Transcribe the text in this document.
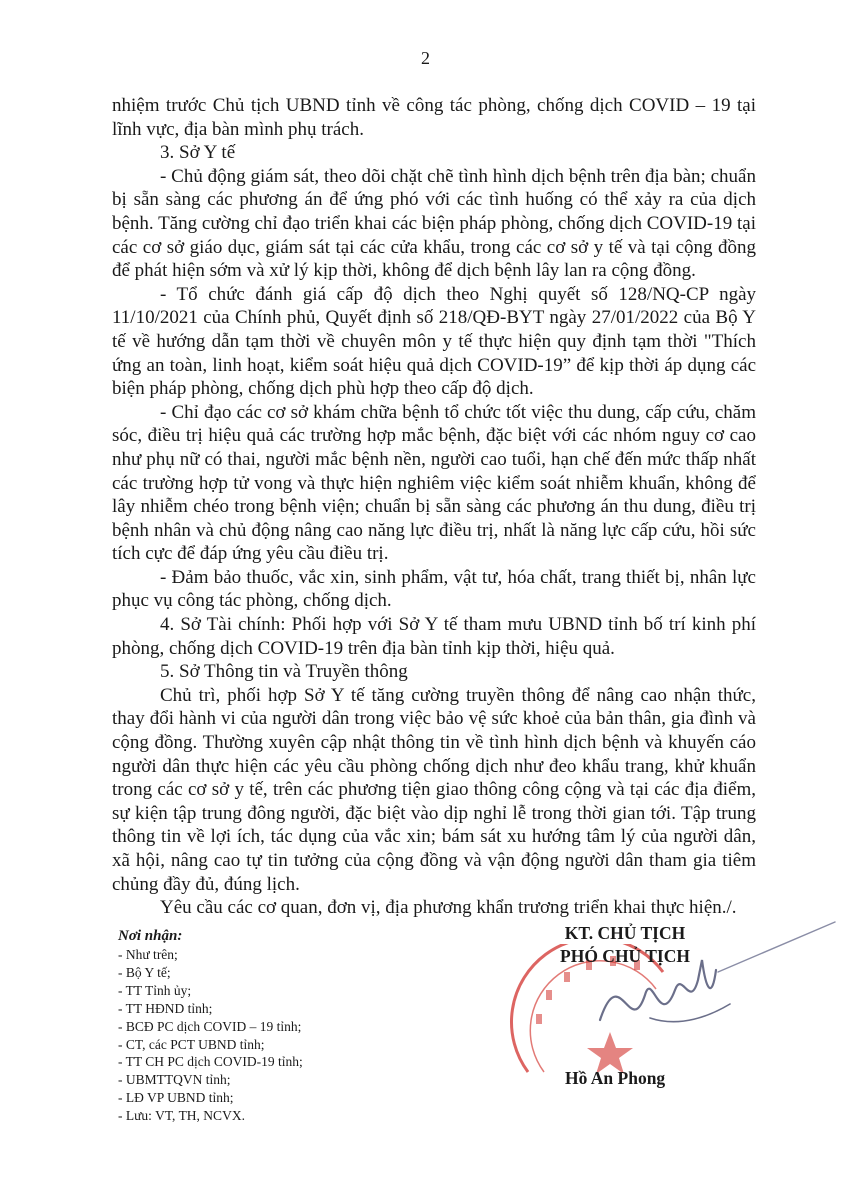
2

nhiệm trước Chủ tịch UBND tỉnh về công tác phòng, chống dịch COVID – 19 tại lĩnh vực, địa bàn mình phụ trách.

3. Sở Y tế

- Chủ động giám sát, theo dõi chặt chẽ tình hình dịch bệnh trên địa bàn; chuẩn bị sẵn sàng các phương án để ứng phó với các tình huống có thể xảy ra của dịch bệnh. Tăng cường chỉ đạo triển khai các biện pháp phòng, chống dịch COVID-19 tại các cơ sở giáo dục, giám sát tại các cửa khẩu, trong các cơ sở y tế và tại cộng đồng để phát hiện sớm và xử lý kịp thời, không để dịch bệnh lây lan ra cộng đồng.

- Tổ chức đánh giá cấp độ dịch theo Nghị quyết số 128/NQ-CP ngày 11/10/2021 của Chính phủ, Quyết định số 218/QĐ-BYT ngày 27/01/2022 của Bộ Y tế về hướng dẫn tạm thời về chuyên môn y tế thực hiện quy định tạm thời "Thích ứng an toàn, linh hoạt, kiểm soát hiệu quả dịch COVID-19” để kịp thời áp dụng các biện pháp phòng, chống dịch phù hợp theo cấp độ dịch.

- Chỉ đạo các cơ sở khám chữa bệnh tổ chức tốt việc thu dung, cấp cứu, chăm sóc, điều trị hiệu quả các trường hợp mắc bệnh, đặc biệt với các nhóm nguy cơ cao như phụ nữ có thai, người mắc bệnh nền, người cao tuổi, hạn chế đến mức thấp nhất các trường hợp tử vong và thực hiện nghiêm việc kiểm soát nhiễm khuẩn, không để lây nhiễm chéo trong bệnh viện; chuẩn bị sẵn sàng các phương án thu dung, điều trị bệnh nhân và chủ động nâng cao năng lực điều trị, nhất là năng lực cấp cứu, hồi sức tích cực để đáp ứng yêu cầu điều trị.

- Đảm bảo thuốc, vắc xin, sinh phẩm, vật tư, hóa chất, trang thiết bị, nhân lực phục vụ công tác phòng, chống dịch.

4. Sở Tài chính: Phối hợp với Sở Y tế tham mưu UBND tỉnh bố trí kinh phí phòng, chống dịch COVID-19 trên địa bàn tỉnh kịp thời, hiệu quả.

5. Sở Thông tin và Truyền thông

Chủ trì, phối hợp Sở Y tế tăng cường truyền thông để nâng cao nhận thức, thay đổi hành vi của người dân trong việc bảo vệ sức khoẻ của bản thân, gia đình và cộng đồng. Thường xuyên cập nhật thông tin về tình hình dịch bệnh và khuyến cáo người dân thực hiện các yêu cầu phòng chống dịch như đeo khẩu trang, khử khuẩn trong các cơ sở y tế, trên các phương tiện giao thông công cộng và tại các địa điểm, sự kiện tập trung đông người, đặc biệt vào dịp nghỉ lễ trong thời gian tới. Tập trung thông tin về lợi ích, tác dụng của vắc xin; bám sát xu hướng tâm lý của người dân, xã hội, nâng cao tự tin tưởng của cộng đồng và vận động người dân tham gia tiêm chủng đầy đủ, đúng lịch.

Yêu cầu các cơ quan, đơn vị, địa phương khẩn trương triển khai thực hiện./.

Nơi nhận:
- Như trên;
- Bộ Y tế;
- TT Tỉnh ủy;
- TT HĐND tỉnh;
- BCĐ PC dịch COVID – 19 tỉnh;
- CT, các PCT UBND tỉnh;
- TT CH PC dịch COVID-19 tỉnh;
- UBMTTQVN tỉnh;
- LĐ VP UBND tỉnh;
- Lưu: VT, TH, NCVX.
KT. CHỦ TỊCH
PHÓ CHỦ TỊCH
Hồ An Phong
